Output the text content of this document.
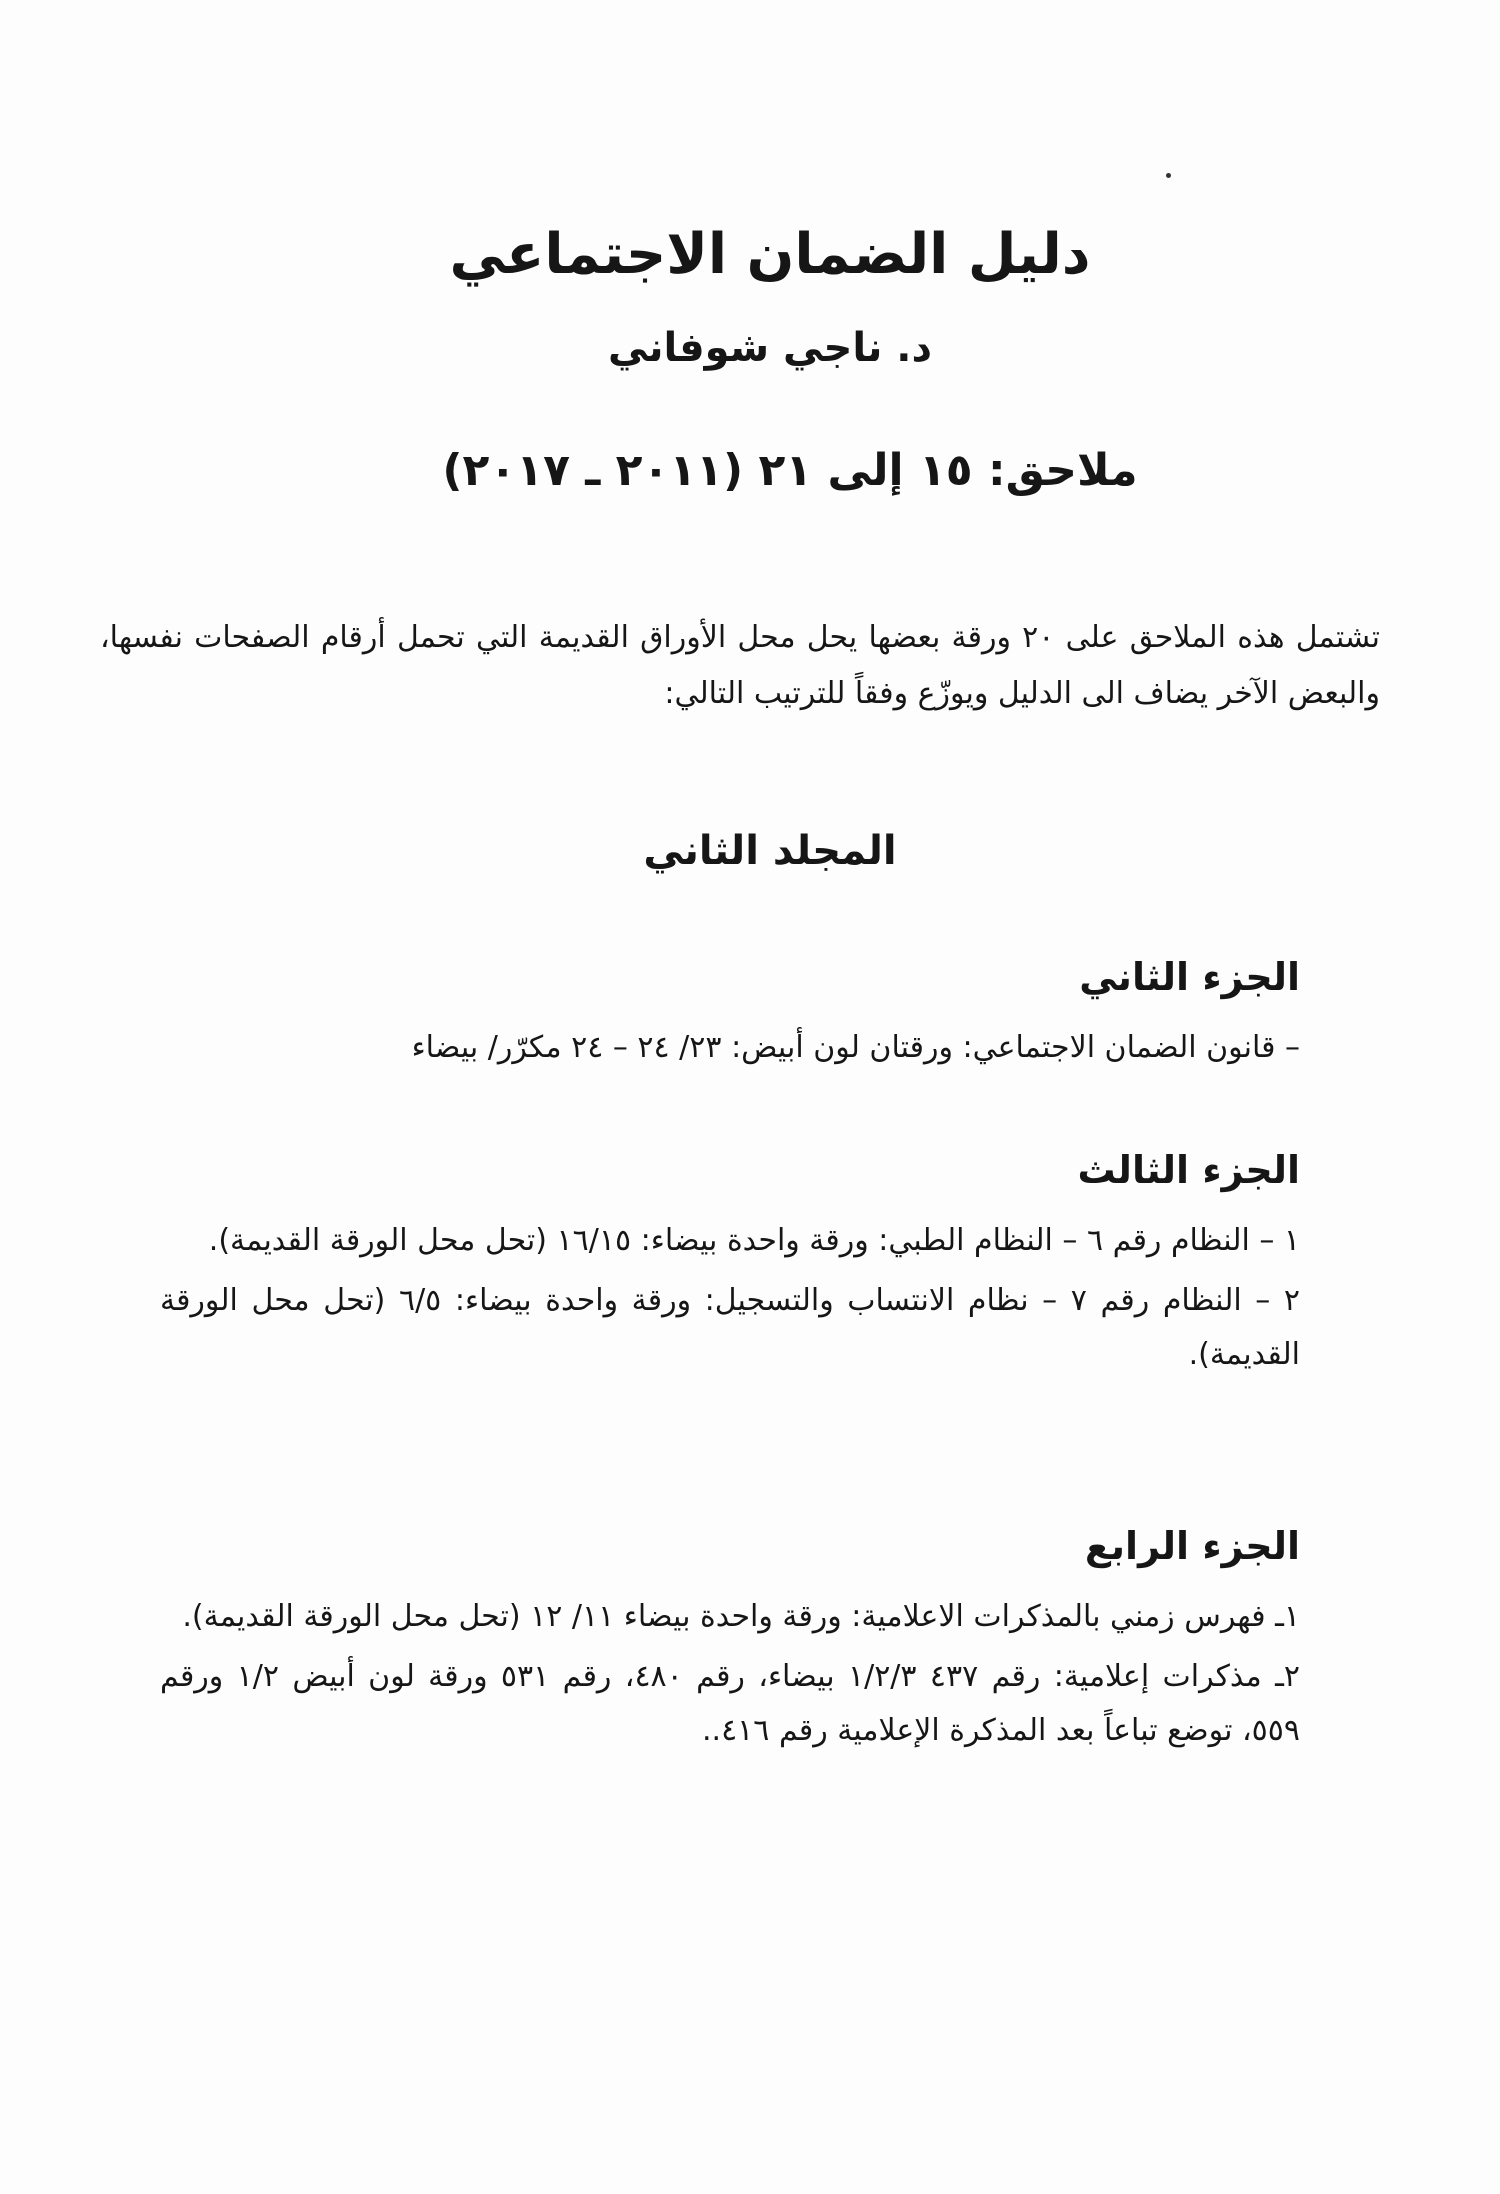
دليل الضمان الاجتماعي

د. ناجي شوفاني

ملاحق: ١٥ إلى ٢١ (٢٠١١ ـ ٢٠١٧)

تشتمل هذه الملاحق على ٢٠ ورقة بعضها يحل محل الأوراق القديمة التي تحمل أرقام الصفحات نفسها، والبعض الآخر يضاف الى الدليل ويوزّع وفقاً للترتيب التالي:

المجلد الثاني

الجزء الثاني

– قانون الضمان الاجتماعي: ورقتان لون أبيض: ٢٣/ ٢٤ – ٢٤ مكرّر/ بيضاء

الجزء الثالث

١ – النظام رقم ٦ – النظام الطبي: ورقة واحدة بيضاء: ١٦/١٥ (تحل محل الورقة القديمة).

٢ – النظام رقم ٧ – نظام الانتساب والتسجيل: ورقة واحدة بيضاء: ٦/٥ (تحل محل الورقة القديمة).

الجزء الرابع

١ـ فهرس زمني بالمذكرات الاعلامية: ورقة واحدة بيضاء ١١/ ١٢ (تحل محل الورقة القديمة).

٢ـ مذكرات إعلامية: رقم ٤٣٧ ١/٢/٣ بيضاء، رقم ٤٨٠، رقم ٥٣١ ورقة لون أبيض ١/٢ ورقم ٥٥٩، توضع تباعاً بعد المذكرة الإعلامية رقم ٤١٦..
